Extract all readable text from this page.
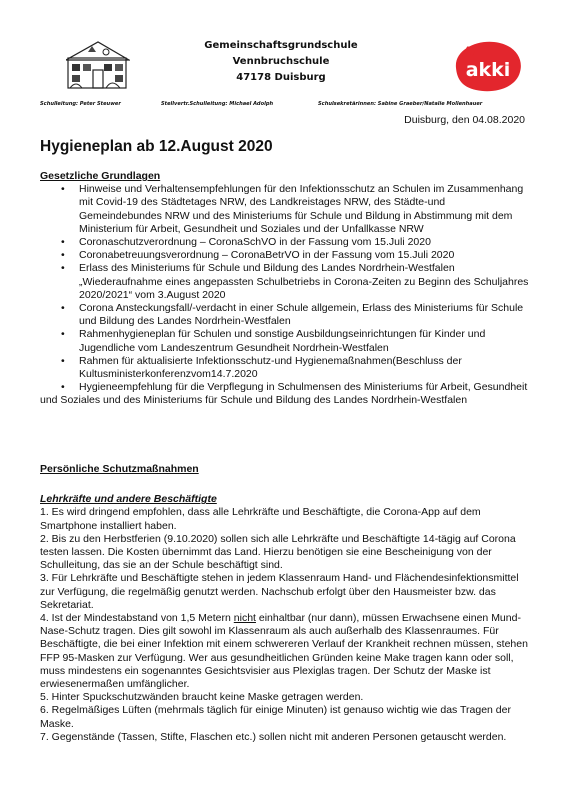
Gemeinschaftsgrundschule
Vennbruchschule
47178 Duisburg	akki
Schulleitung: Peter Steuwer	Stellvertr.Schulleitung: Michael Adolph	Schulsekretärinnen: Sabine Graeber/Natalie Mollenhauer
Duisburg, den 04.08.2020
Hygieneplan ab 12.August 2020
Gesetzliche Grundlagen
• Hinweise und Verhaltensempfehlungen für den Infektionsschutz an Schulen im Zusammenhang mit Covid-19 des Städtetages NRW, des Landkreistages NRW, des Städte-und Gemeindebundes NRW und des Ministeriums für Schule und Bildung in Abstimmung mit dem Ministerium für Arbeit, Gesundheit und Soziales und der Unfallkasse NRW
• Coronaschutzverordnung – CoronaSchVO in der Fassung vom 15.Juli 2020
• Coronabetreuungsverordnung – CoronaBetrVO in der Fassung vom 15.Juli 2020
• Erlass des Ministeriums für Schule und Bildung des Landes Nordrhein-Westfalen „Wiederaufnahme eines angepassten Schulbetriebs in Corona-Zeiten zu Beginn des Schuljahres 2020/2021“ vom 3.August 2020
• Corona Ansteckungsfall/-verdacht in einer Schule allgemein, Erlass des Ministeriums für Schule und Bildung des Landes Nordrhein-Westfalen
• Rahmenhygieneplan für Schulen und sonstige Ausbildungseinrichtungen für Kinder und Jugendliche vom Landeszentrum Gesundheit Nordrhein-Westfalen
• Rahmen für aktualisierte Infektionsschutz-und Hygienemaßnahmen(Beschluss der Kultusministerkonferenzvom14.7.2020
• Hygieneempfehlung für die Verpflegung in Schulmensen des Ministeriums für Arbeit, Gesundheit und Soziales und des Ministeriums für Schule und Bildung des Landes Nordrhein-Westfalen
Persönliche Schutzmaßnahmen
Lehrkräfte und andere Beschäftigte

1. Es wird dringend empfohlen, dass alle Lehrkräfte und Beschäftigte, die Corona-App auf dem Smartphone installiert haben.

2. Bis zu den Herbstferien (9.10.2020) sollen sich alle Lehrkräfte und Beschäftigte 14-tägig auf Corona testen lassen. Die Kosten übernimmt das Land. Hierzu benötigen sie eine Bescheinigung von der Schulleitung, das sie an der Schule beschäftigt sind.

3. Für Lehrkräfte und Beschäftigte stehen in jedem Klassenraum Hand- und Flächendesinfektionsmittel zur Verfügung, die regelmäßig genutzt werden. Nachschub erfolgt über den Hausmeister bzw. das Sekretariat.

4. Ist der Mindestabstand von 1,5 Metern nicht einhaltbar (nur dann), müssen Erwachsene einen Mund-Nase-Schutz tragen. Dies gilt sowohl im Klassenraum als auch außerhalb des Klassenraumes. Für Beschäftigte, die bei einer Infektion mit einem schwereren Verlauf der Krankheit rechnen müssen, stehen FFP 95-Masken zur Verfügung. Wer aus gesundheitlichen Gründen keine Make tragen kann oder soll, muss mindestens ein sogenanntes Gesichtsvisier aus Plexiglas tragen. Der Schutz der Maske ist erwiesenermaßen umfänglicher.

5. Hinter Spuckschutzwänden braucht keine Maske getragen werden.

6. Regelmäßiges Lüften (mehrmals täglich für einige Minuten) ist genauso wichtig wie das Tragen der Maske.

7. Gegenstände (Tassen, Stifte, Flaschen etc.) sollen nicht mit anderen Personen getauscht werden.
